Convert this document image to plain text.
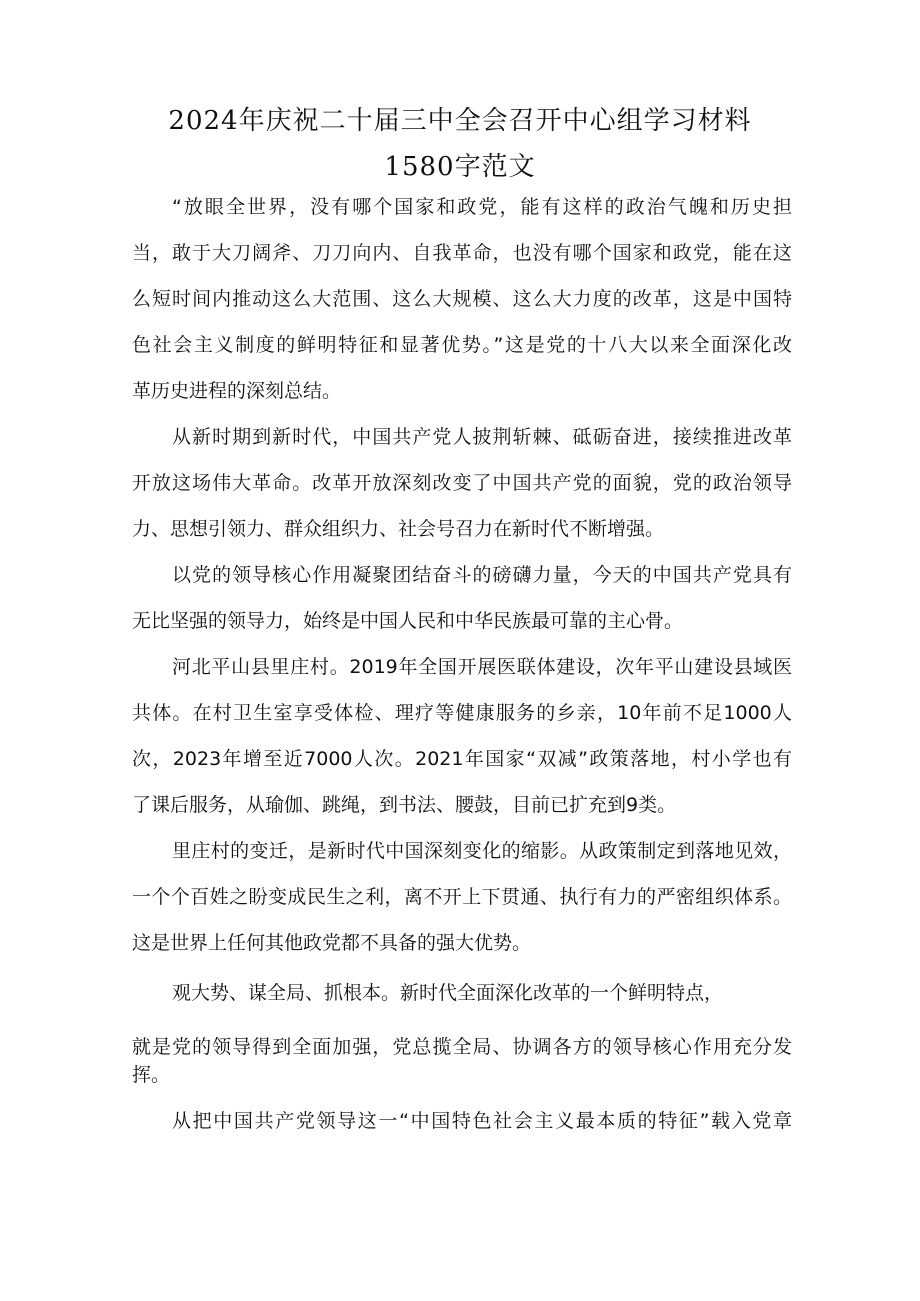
2024年庆祝二十届三中全会召开中心组学习材料
1580字范文
“放眼全世界，没有哪个国家和政党，能有这样的政治气魄和历史担
当，敢于大刀阔斧、刀刀向内、自我革命，也没有哪个国家和政党，能在这
么短时间内推动这么大范围、这么大规模、这么大力度的改革，这是中国特
色社会主义制度的鲜明特征和显著优势。”这是党的十八大以来全面深化改
革历史进程的深刻总结。
从新时期到新时代，中国共产党人披荆斩棘、砥砺奋进，接续推进改革
开放这场伟大革命。改革开放深刻改变了中国共产党的面貌，党的政治领导
力、思想引领力、群众组织力、社会号召力在新时代不断增强。
以党的领导核心作用凝聚团结奋斗的磅礴力量，今天的中国共产党具有
无比坚强的领导力，始终是中国人民和中华民族最可靠的主心骨。
河北平山县里庄村。2019年全国开展医联体建设，次年平山建设县域医
共体。在村卫生室享受体检、理疗等健康服务的乡亲，10年前不足1000人
次，2023年增至近7000人次。2021年国家“双减”政策落地，村小学也有
了课后服务，从瑜伽、跳绳，到书法、腰鼓，目前已扩充到9类。
里庄村的变迁，是新时代中国深刻变化的缩影。从政策制定到落地见效，
一个个百姓之盼变成民生之利，离不开上下贯通、执行有力的严密组织体系。
这是世界上任何其他政党都不具备的强大优势。
观大势、谋全局、抓根本。新时代全面深化改革的一个鲜明特点，
就是党的领导得到全面加强，党总揽全局、协调各方的领导核心作用充分发
挥。
从把中国共产党领导这一“中国特色社会主义最本质的特征”载入党章
